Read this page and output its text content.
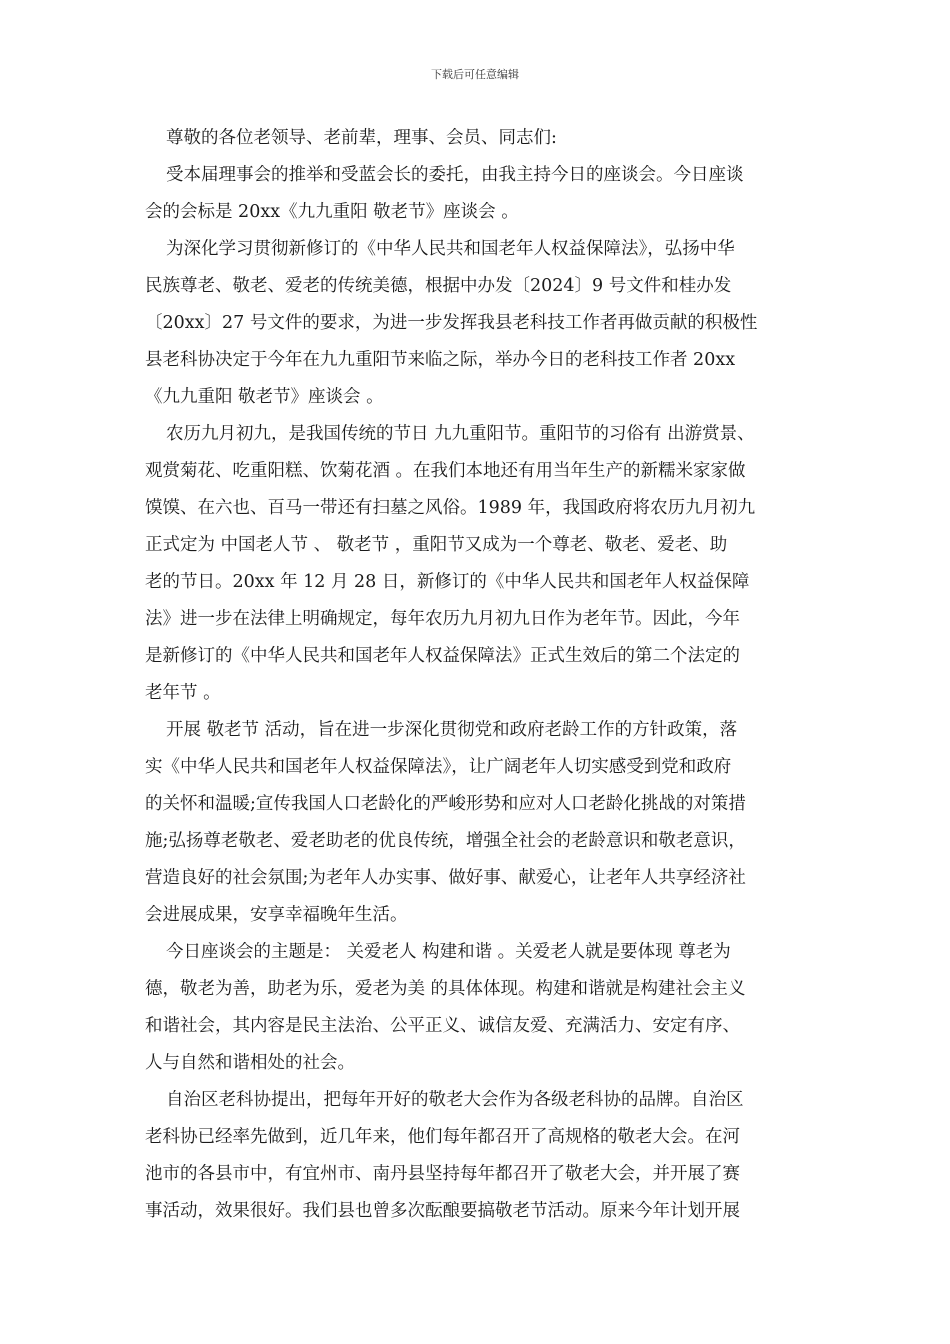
下载后可任意编辑
尊敬的各位老领导、老前辈，理事、会员、同志们:
受本届理事会的推举和受蓝会长的委托，由我主持今日的座谈会。今日座谈
会的会标是 20xx《九九重阳 敬老节》座谈会 。
为深化学习贯彻新修订的《中华人民共和国老年人权益保障法》，弘扬中华
民族尊老、敬老、爱老的传统美德，根据中办发〔2024〕9 号文件和桂办发
〔20xx〕27 号文件的要求，为进一步发挥我县老科技工作者再做贡献的积极性
县老科协决定于今年在九九重阳节来临之际，举办今日的老科技工作者 20xx
《九九重阳 敬老节》座谈会 。
农历九月初九，是我国传统的节日 九九重阳节。重阳节的习俗有 出游赏景、
观赏菊花、吃重阳糕、饮菊花酒 。在我们本地还有用当年生产的新糯米家家做
馍馍、在六也、百马一带还有扫墓之风俗。1989 年，我国政府将农历九月初九
正式定为 中国老人节 、 敬老节 ，重阳节又成为一个尊老、敬老、爱老、助
老的节日。20xx 年 12 月 28 日，新修订的《中华人民共和国老年人权益保障
法》进一步在法律上明确规定，每年农历九月初九日作为老年节。因此，今年
是新修订的《中华人民共和国老年人权益保障法》正式生效后的第二个法定的
老年节 。
开展 敬老节 活动，旨在进一步深化贯彻党和政府老龄工作的方针政策，落
实《中华人民共和国老年人权益保障法》，让广阔老年人切实感受到党和政府
的关怀和温暖;宣传我国人口老龄化的严峻形势和应对人口老龄化挑战的对策措
施;弘扬尊老敬老、爱老助老的优良传统，增强全社会的老龄意识和敬老意识，
营造良好的社会氛围;为老年人办实事、做好事、献爱心，让老年人共享经济社
会进展成果，安享幸福晚年生活。
今日座谈会的主题是： 关爱老人 构建和谐 。关爱老人就是要体现 尊老为
德，敬老为善，助老为乐，爱老为美 的具体体现。构建和谐就是构建社会主义
和谐社会，其内容是民主法治、公平正义、诚信友爱、充满活力、安定有序、
人与自然和谐相处的社会。
自治区老科协提出，把每年开好的敬老大会作为各级老科协的品牌。自治区
老科协已经率先做到，近几年来，他们每年都召开了高规格的敬老大会。在河
池市的各县市中，有宜州市、南丹县坚持每年都召开了敬老大会，并开展了赛
事活动，效果很好。我们县也曾多次酝酿要搞敬老节活动。原来今年计划开展
